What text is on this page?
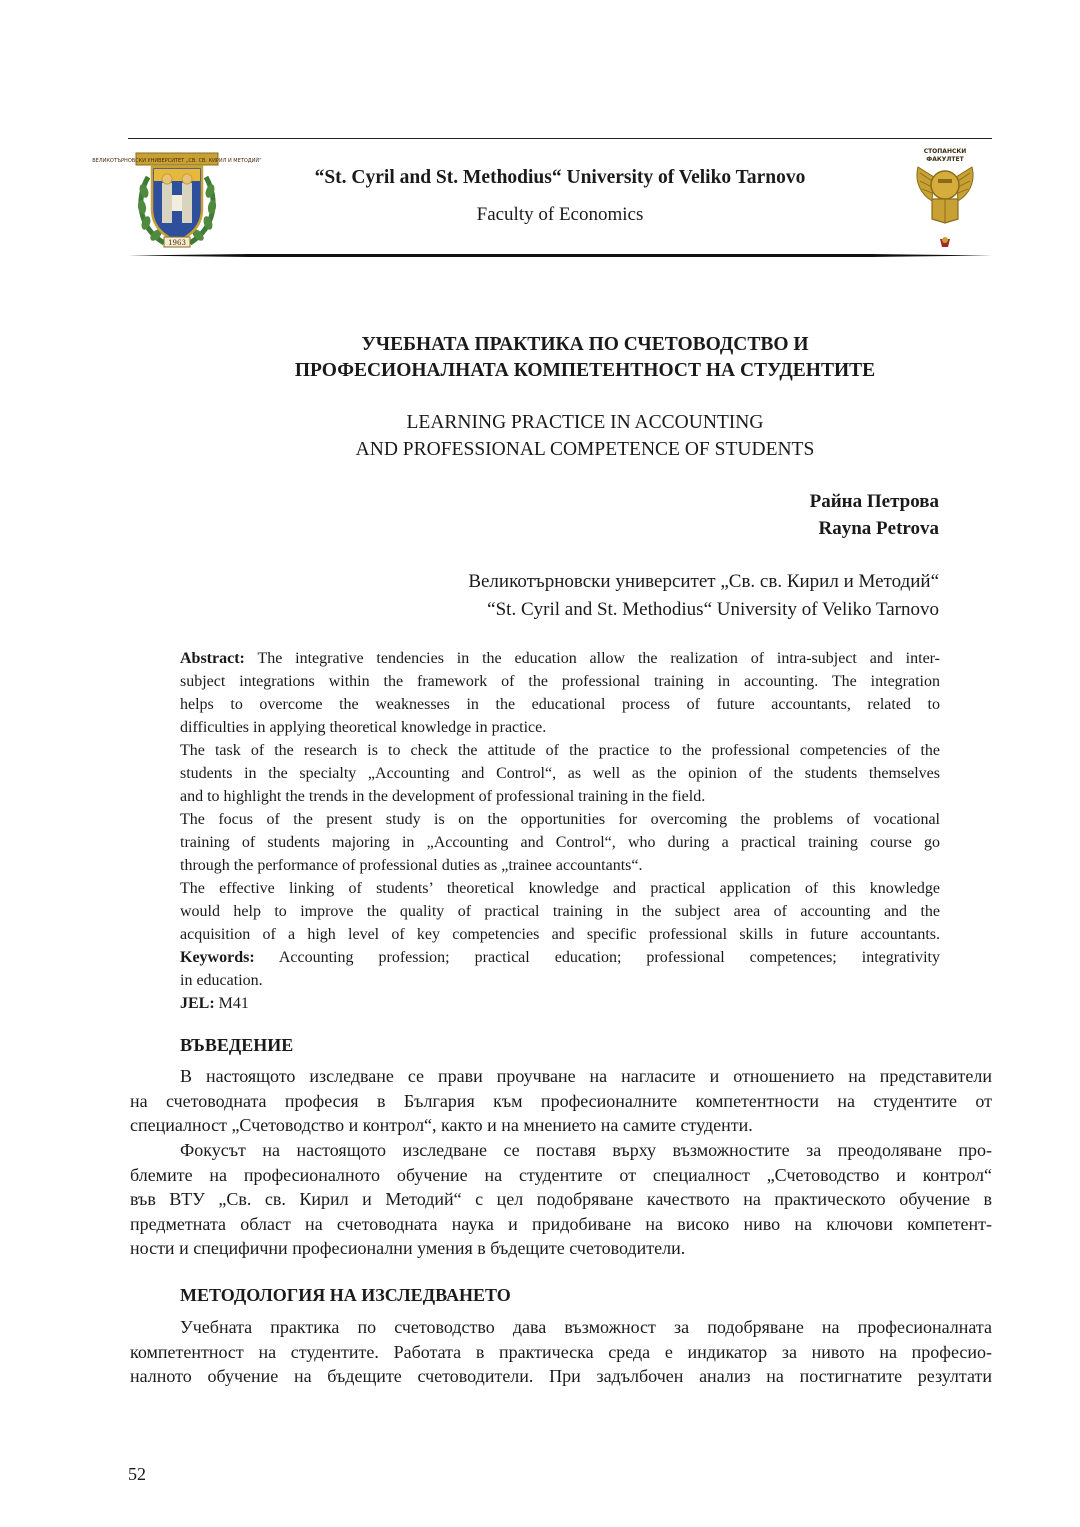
ВЕЛИКОТЪРНОВСКИ УНИВЕРСИТЕТ „СВ. СВ. КИРИЛ И МЕТОДИЙ“
1963
“St. Cyril and St. Methodius“ University of Veliko Tarnovo
Faculty of Economics
СТОПАНСКИ
ФАКУЛТЕТ
УЧЕБНАТА ПРАКТИКА ПО СЧЕТОВОДСТВО И
ПРОФЕСИОНАЛНАТА КОМПЕТЕНТНОСТ НА СТУДЕНТИТЕ
LEARNING PRACTICE IN ACCOUNTING
AND PROFESSIONAL COMPETENCE OF STUDENTS
Райна Петрова
Rayna Petrova
Великотърновски университет „Св. св. Кирил и Методий“
“St. Cyril and St. Methodius“ University of Veliko Tarnovo
Abstract: The integrative tendencies in the education allow the realization of intra-subject and inter-
subject integrations within the framework of the professional training in accounting. The integration
helps to overcome the weaknesses in the educational process of future accountants, related to
difficulties in applying theoretical knowledge in practice.
The task of the research is to check the attitude of the practice to the professional competencies of the
students in the specialty „Accounting and Control“, as well as the opinion of the students themselves
and to highlight the trends in the development of professional training in the field.
The focus of the present study is on the opportunities for overcoming the problems of vocational
training of students majoring in „Accounting and Control“, who during a practical training course go
through the performance of professional duties as „trainee accountants“.
The effective linking of students’ theoretical knowledge and practical application of this knowledge
would help to improve the quality of practical training in the subject area of accounting and the
acquisition of a high level of key competencies and specific professional skills in future accountants.
Keywords: Accounting profession; practical education; professional competences; integrativity
in education.
JEL: M41
ВЪВЕДЕНИЕ
В настоящото изследване се прави проучване на нагласите и отношението на представители
на счетоводната професия в България към професионалните компетентности на студентите от
специалност „Счетоводство и контрол“, както и на мнението на самите студенти.
Фокусът на настоящото изследване се поставя върху възможностите за преодоляване про-
блемите на професионалното обучение на студентите от специалност „Счетоводство и контрол“
във ВТУ „Св. св. Кирил и Методий“ с цел подобряване качеството на практическото обучение в
предметната област на счетоводната наука и придобиване на високо ниво на ключови компетент-
ности и специфични професионални умения в бъдещите счетоводители.
МЕТОДОЛОГИЯ НА ИЗСЛЕДВАНЕТО
Учебната практика по счетоводство дава възможност за подобряване на професионалната
компетентност на студентите. Работата в практическа среда е индикатор за нивото на професио-
налното обучение на бъдещите счетоводители. При задълбочен анализ на постигнатите резултати
52
